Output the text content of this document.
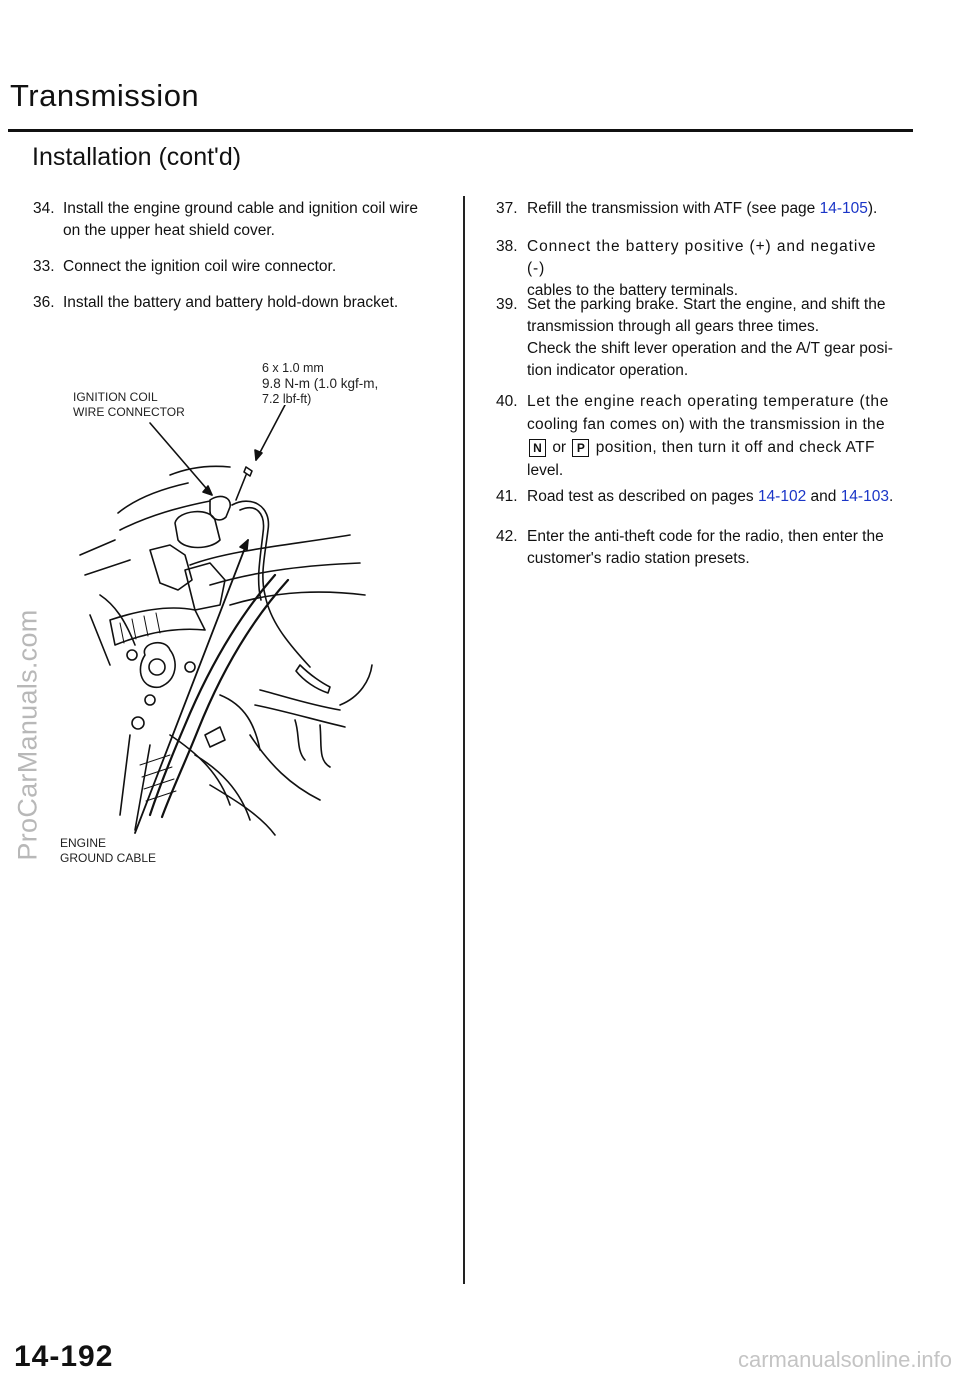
Transmission
Installation (cont'd)
34. Install the engine ground cable and ignition coil wire
on the upper heat shield cover.
33. Connect the ignition coil wire connector.
36. Install the battery and battery hold-down bracket.
IGNITION COIL
WIRE CONNECTOR
6 x 1.0 mm
9.8 N-m (1.0 kgf-m,
7.2 lbf-ft)
ENGINE
GROUND CABLE
37. Refill the transmission with ATF (see page 14-105).
38. Connect the battery positive (+) and negative (-)
cables to the battery terminals.
39. Set the parking brake. Start the engine, and shift the
transmission through all gears three times.
Check the shift lever operation and the A/T gear posi-
tion indicator operation.
40. Let the engine reach operating temperature (the
cooling fan comes on) with the transmission in the
N or P position, then turn it off and check ATF
level.
41. Road test as described on pages 14-102 and 14-103.
42. Enter the anti-theft code for the radio, then enter the
customer's radio station presets.
ProCarManuals.com
14-192	carmanualsonline.info
